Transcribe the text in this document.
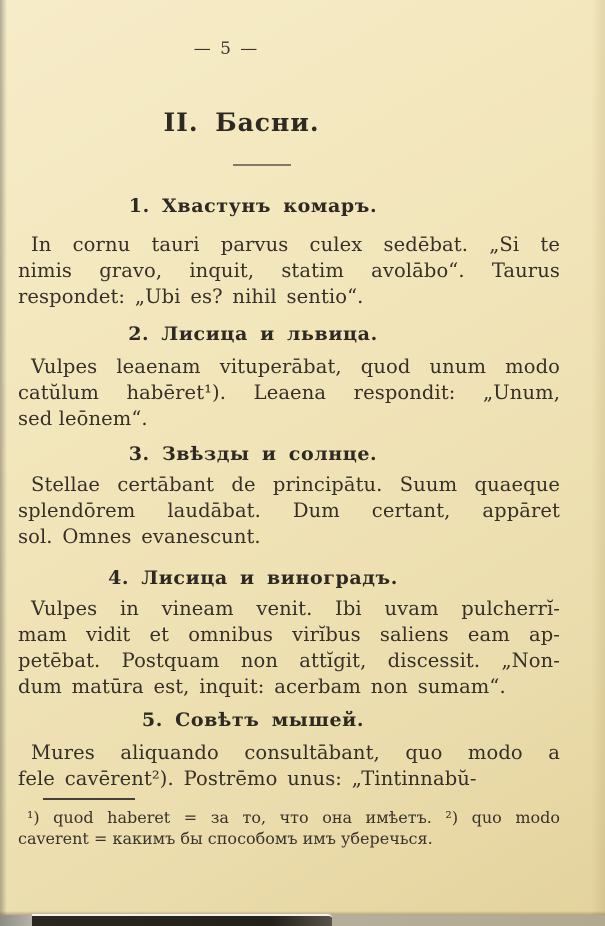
— 5 —
II. Басни.
1. Хвастунъ комаръ.

In cornu tauri parvus culex sedēbat. „Si te
nimis gravo, inquit, statim avolābo“. Taurus
respondet: „Ubi es? nihil sentio“.

2. Лисица и львица.

Vulpes leaenam vituperābat, quod unum modo
catŭlum habēret¹). Leaena respondit: „Unum,
sed leōnem“.

3. Звѣзды и солнце.

Stellae certābant de principātu. Suum quaeque
splendōrem laudābat. Dum certant, appāret
sol. Omnes evanescunt.

4. Лисица и виноградъ.

Vulpes in vineam venit. Ibi uvam pulcherrĭ-
mam vidit et omnibus virĭbus saliens eam ap-
petēbat. Postquam non attĭgit, discessit. „Non-
dum matūra est, inquit: acerbam non sumam“.

5. Совѣтъ мышей.

Mures aliquando consultābant, quo modo a
fele cavērent²). Postrēmo unus: „Tintinnabŭ-

¹) quod haberet = за то, что она имѣетъ. ²) quo modo
caverent = какимъ бы способомъ имъ уберечься.
